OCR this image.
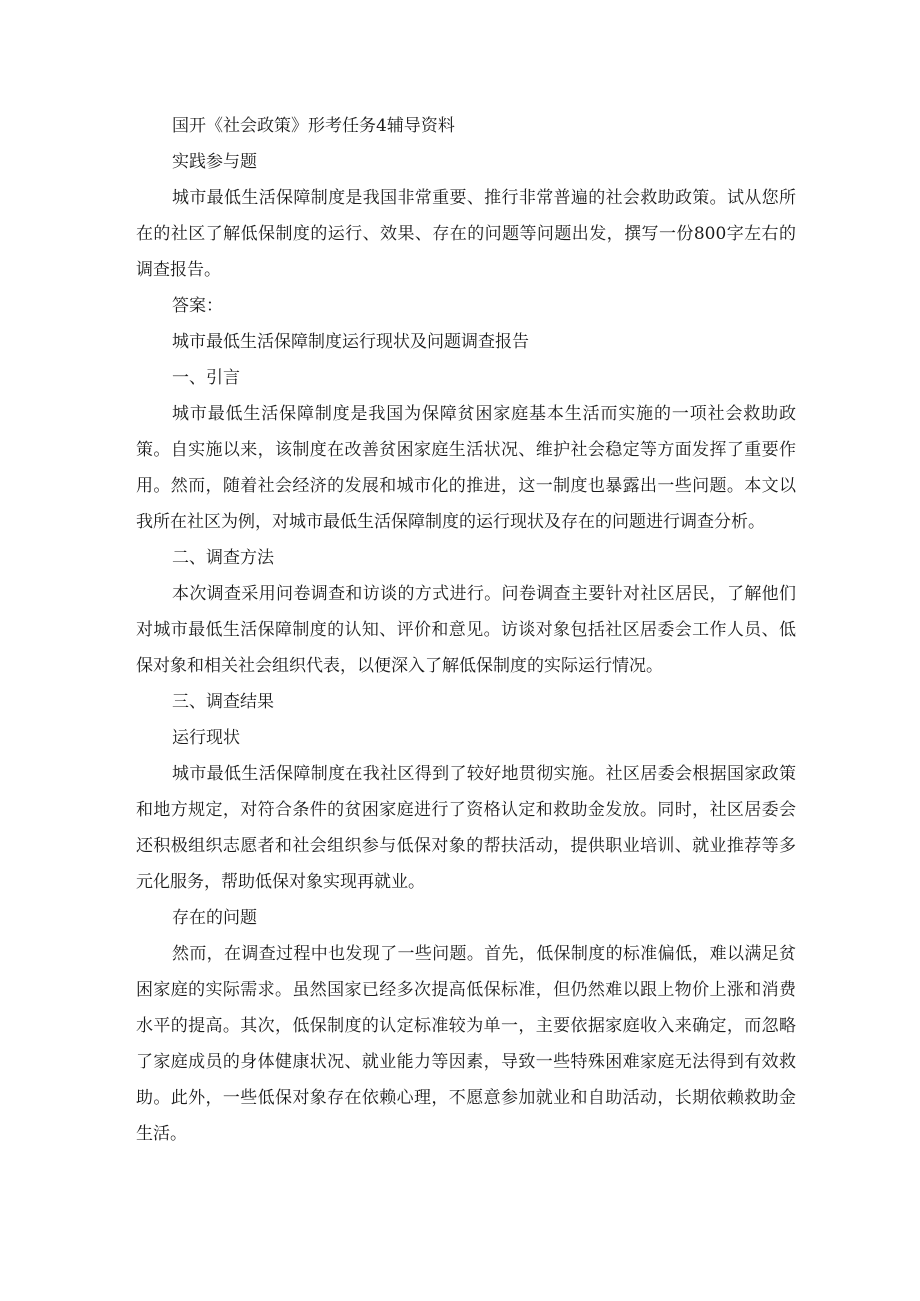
国开《社会政策》形考任务4辅导资料
实践参与题

城市最低生活保障制度是我国非常重要、推行非常普遍的社会救助政策。试从您所在的社区了解低保制度的运行、效果、存在的问题等问题出发，撰写一份800字左右的调查报告。

答案：
城市最低生活保障制度运行现状及问题调查报告
一、引言

城市最低生活保障制度是我国为保障贫困家庭基本生活而实施的一项社会救助政策。自实施以来，该制度在改善贫困家庭生活状况、维护社会稳定等方面发挥了重要作用。然而，随着社会经济的发展和城市化的推进，这一制度也暴露出一些问题。本文以我所在社区为例，对城市最低生活保障制度的运行现状及存在的问题进行调查分析。

二、调查方法

本次调查采用问卷调查和访谈的方式进行。问卷调查主要针对社区居民，了解他们对城市最低生活保障制度的认知、评价和意见。访谈对象包括社区居委会工作人员、低保对象和相关社会组织代表，以便深入了解低保制度的实际运行情况。

三、调查结果
运行现状

城市最低生活保障制度在我社区得到了较好地贯彻实施。社区居委会根据国家政策和地方规定，对符合条件的贫困家庭进行了资格认定和救助金发放。同时，社区居委会还积极组织志愿者和社会组织参与低保对象的帮扶活动，提供职业培训、就业推荐等多元化服务，帮助低保对象实现再就业。

存在的问题

然而，在调查过程中也发现了一些问题。首先，低保制度的标准偏低，难以满足贫困家庭的实际需求。虽然国家已经多次提高低保标准，但仍然难以跟上物价上涨和消费水平的提高。其次，低保制度的认定标准较为单一，主要依据家庭收入来确定，而忽略了家庭成员的身体健康状况、就业能力等因素，导致一些特殊困难家庭无法得到有效救助。此外，一些低保对象存在依赖心理，不愿意参加就业和自助活动，长期依赖救助金生活。
